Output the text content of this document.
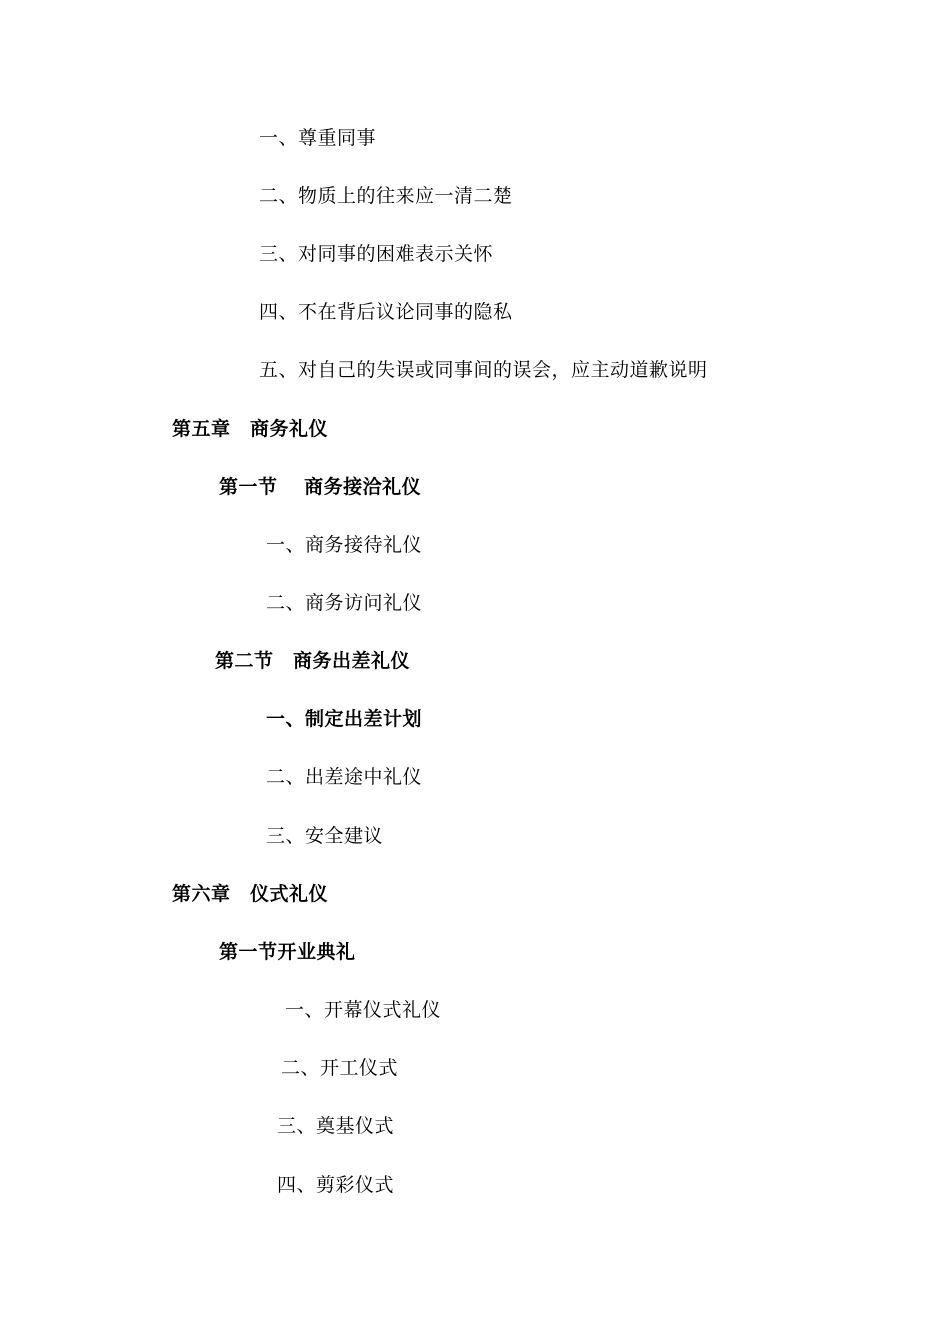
一、尊重同事
二、物质上的往来应一清二楚
三、对同事的困难表示关怀
四、不在背后议论同事的隐私
五、对自己的失误或同事间的误会，应主动道歉说明
第五章　商务礼仪
第一节　 商务接洽礼仪
一、商务接待礼仪
二、商务访问礼仪
第二节　商务出差礼仪
一、制定出差计划
二、出差途中礼仪
三、安全建议
第六章　仪式礼仪
第一节开业典礼
一、开幕仪式礼仪
二、开工仪式
三、奠基仪式
四、剪彩仪式
